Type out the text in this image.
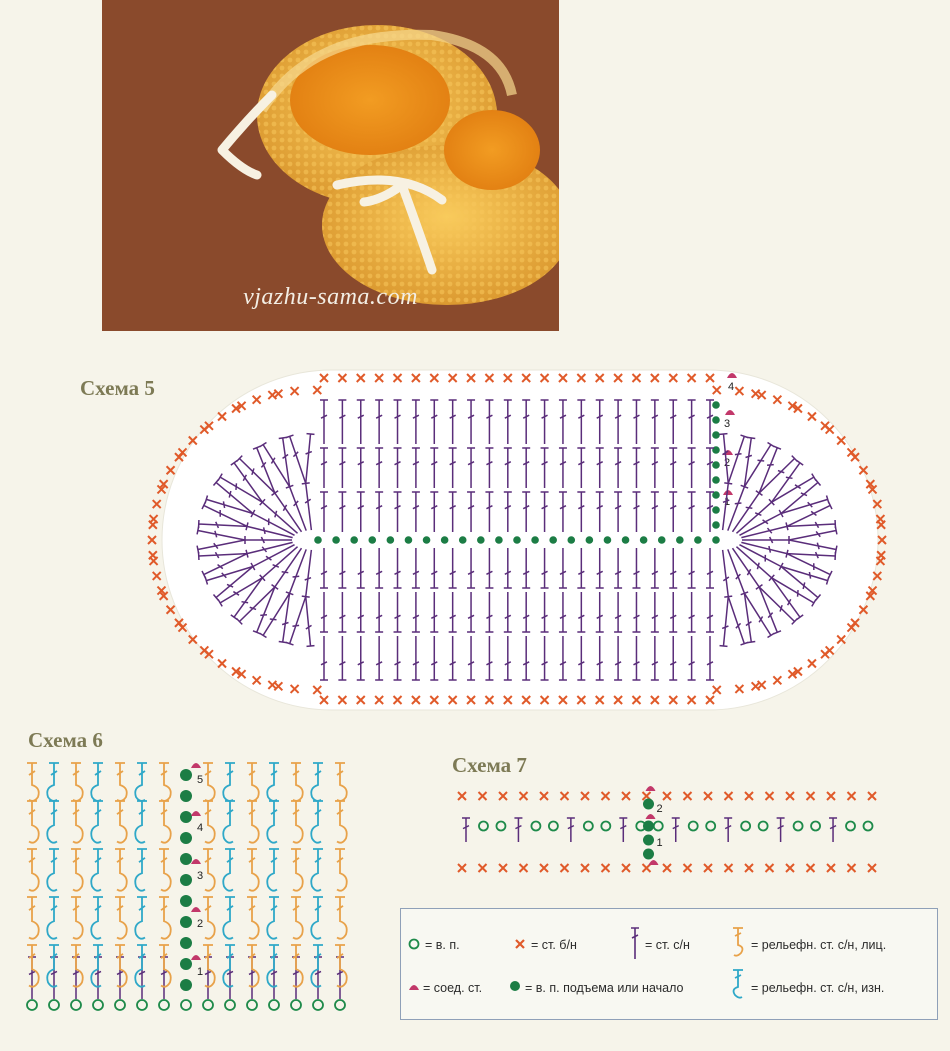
vjazhu-sama.com
Схема 5
1
2
3
4
Схема 6
1
2
3
4
5
Схема 7
1
2
= в. п.	= ст. б/н	= ст. с/н	= рельефн. ст. с/н, лиц.
= соед. ст.	= в. п. подъема или начало	= рельефн. ст. с/н, изн.
